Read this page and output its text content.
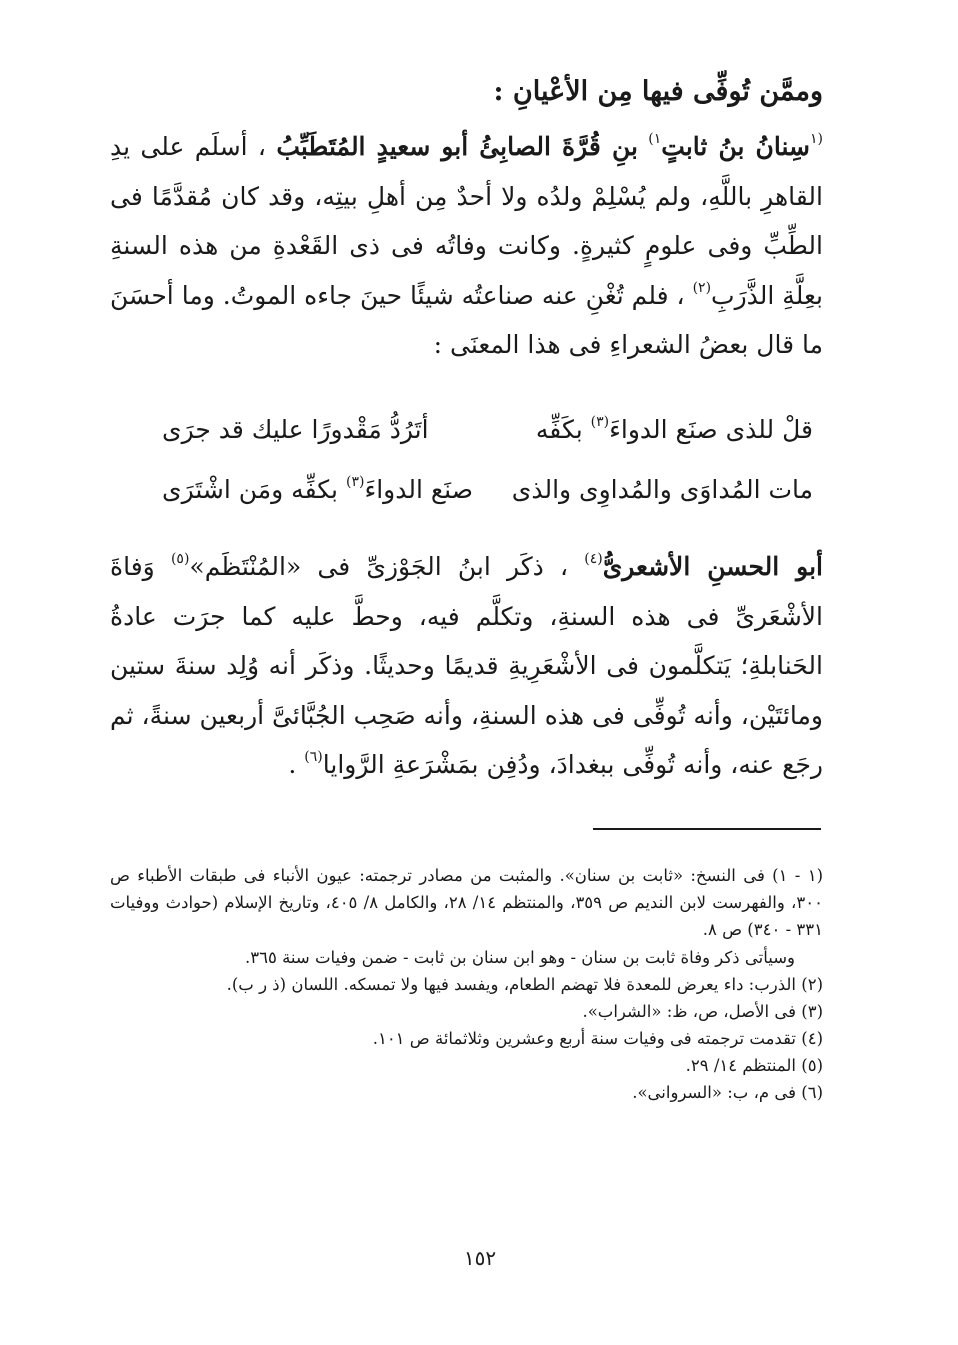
وممَّن تُوفِّى فيها مِن الأعْيانِ :
$^{(١}$سِنانُ بنُ ثابتٍ$^{١)}$ بنِ قُرَّةَ الصابِئُ أبو سعيدٍ المُتَطَبِّبُ ، أسلَم على يدِ القاهرِ باللَّهِ، ولم يُسْلِمْ ولدُه ولا أحدٌ مِن أهلِ بيتِه، وقد كان مُقدَّمًا فى الطِّبِّ وفى علومٍ كثيرةٍ. وكانت وفاتُه فى ذى القَعْدةِ من هذه السنةِ بعِلَّةِ الذَّرَبِ$^{(٢)}$ ، فلم تُغْنِ عنه صناعتُه شيئًا حينَ جاءه الموتُ. وما أحسَنَ ما قال بعضُ الشعراءِ فى هذا المعنَى :
قلْ للذى صنَع الدواءَ$^{(٣)}$ بكَفِّه
أتَرُدُّ مَقْدورًا عليك قد جرَى
مات المُداوَى والمُداوِى والذى
صنَع الدواءَ$^{(٣)}$ بكفِّه ومَن اشْتَرَى
أبو الحسنِ الأشعرىُّ$^{(٤)}$ ، ذكَر ابنُ الجَوْزىِّ فى «المُنْتَظَم»$^{(٥)}$ وَفاةَ الأشْعَرىِّ فى هذه السنةِ، وتكلَّم فيه، وحطَّ عليه كما جرَت عادةُ الحَنابلةِ؛ يَتكلَّمون فى الأشْعَرِيةِ قديمًا وحديثًا. وذكَر أنه وُلِد سنةَ ستين ومائتَيْن، وأنه تُوفِّى فى هذه السنةِ، وأنه صَحِب الجُبَّائىَّ أربعين سنةً، ثم رجَع عنه، وأنه تُوفِّى ببغدادَ، ودُفِن بمَشْرَعةِ الرَّوايا$^{(٦)}$ .

(١ - ١) فى النسخ: «ثابت بن سنان». والمثبت من مصادر ترجمته: عيون الأنباء فى طبقات الأطباء ص ٣٠٠، والفهرست لابن النديم ص ٣٥٩، والمنتظم ١٤/ ٢٨، والكامل ٨/ ٤٠٥، وتاريخ الإسلام (حوادث ووفيات ٣٣١ - ٣٤٠) ص ٨.

وسيأتى ذكر وفاة ثابت بن سنان - وهو ابن سنان بن ثابت - ضمن وفيات سنة ٣٦٥.

(٢) الذرب: داء يعرض للمعدة فلا تهضم الطعام، ويفسد فيها ولا تمسكه. اللسان (ذ ر ب).

(٣) فى الأصل، ص، ظ: «الشراب».

(٤) تقدمت ترجمته فى وفيات سنة أربع وعشرين وثلاثمائة ص ١٠١.

(٥) المنتظم ١٤/ ٢٩.

(٦) فى م، ب: «السروانى».

١٥٢
